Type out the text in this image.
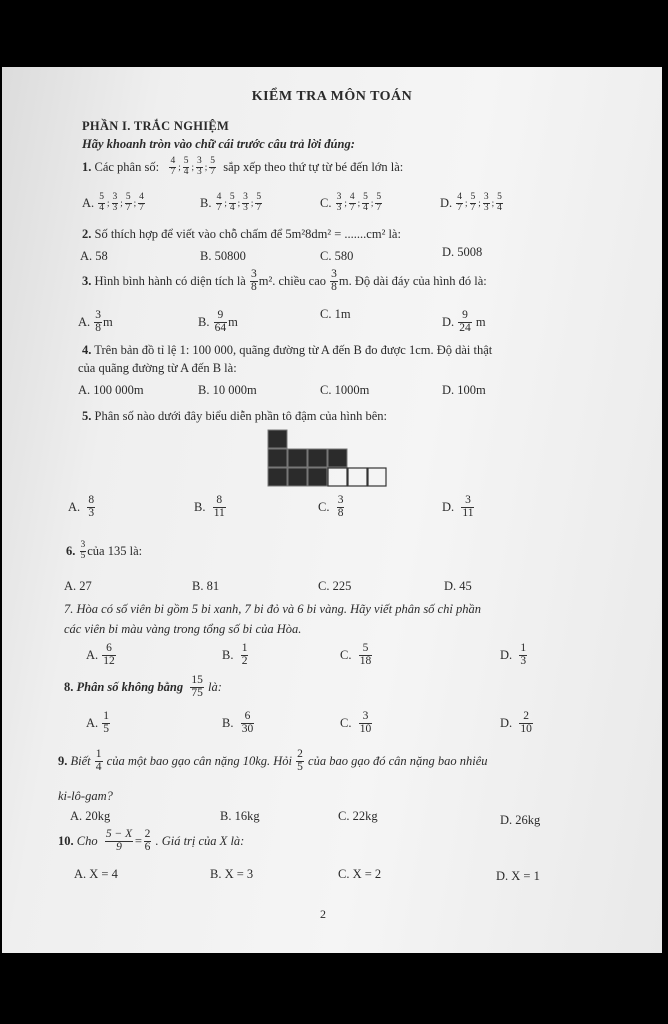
KIỂM TRA MÔN TOÁN
PHẦN I. TRẮC NGHIỆM
Hãy khoanh tròn vào chữ cái trước câu trả lời đúng:
1.
Các phân số:
4
7 ;
5
4 ;
3
3 ;
5
7
sắp xếp theo thứ tự từ bé đến lớn là:
A.
5
4 ;
3
3 ;
5
7 ;
4
7	B.
4
7 ;
5
4 ;
3
3 ;
5
7	C.
3
3 ;
4
7 ;
5
4 ;
5
7	D.
4
7 ;
5
7 ;
3
3 ;
5
4
2. Số thích hợp để viết vào chỗ chấm để 5m²8dm² = .......cm² là:
A. 58	B. 50800	C. 580	D. 5008
3.
Hình bình hành có diện tích là
3
8 m².
chiều cao
3
8 m. Độ dài đáy của hình đó là:
A.
3
8 m	B.
9
64 m
C. 1m
D.
9
24
m
4. Trên bản đồ tỉ lệ 1: 100 000, quãng đường từ A đến B đo được 1cm. Độ dài thật
của quãng đường từ A đến B là:
A. 100 000m	B. 10 000m	C. 1000m	D. 100m
5. Phân số nào dưới đây biểu diễn phần tô đậm của hình bên:
A.
8
3	B.
8
11	C.
3
8	D.
3
11
6.
3
5 của 135 là:
A. 27	B. 81	C. 225	D. 45
7. Hòa có số viên bi gồm 5 bi xanh, 7 bi đỏ và 6 bi vàng. Hãy viết phân số chỉ phần
các viên bi màu vàng trong tổng số bi của Hòa.
A.
6
12	B.
1
2	C.
5
18	D.
1
3
8.
Phân số không bằng
15
75
là:
A.
1
5	B.
6
30	C.
3
10	D.
2
10
9.
Biết
1
4
của một bao gạo cân nặng 10kg. Hỏi
2
5
của bao gạo đó cân nặng bao nhiêu
ki-lô-gam?
A. 20kg	B. 16kg	C. 22kg	D. 26kg
10.
Cho
$\frac{5 - X}{9} = \frac{2}{6}$
. Giá trị của X là:
A. X = 4	B. X = 3	C. X = 2	D. X = 1
2
